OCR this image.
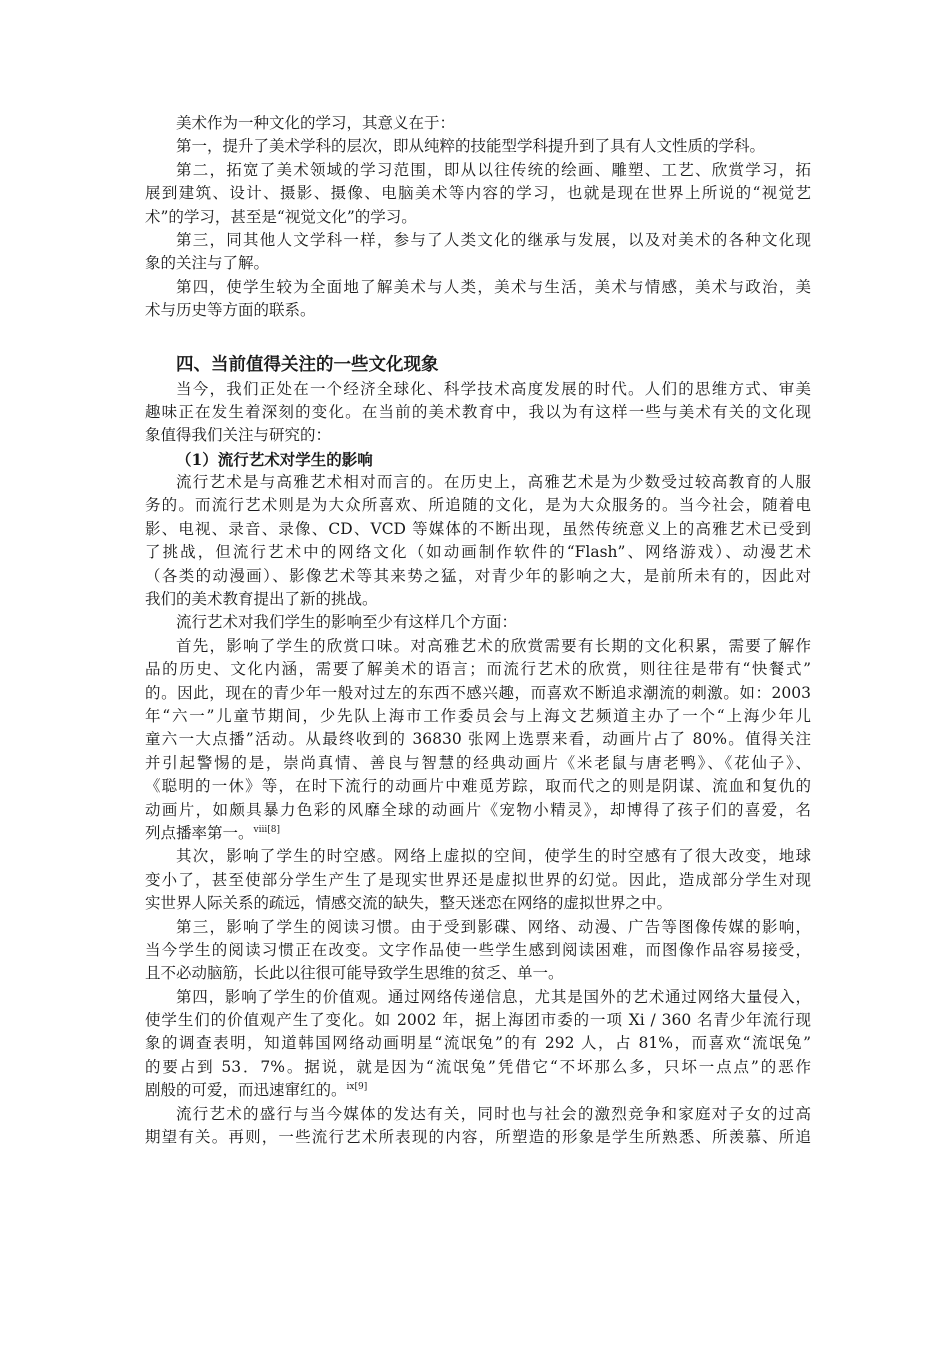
美术作为一种文化的学习，其意义在于：
第一，提升了美术学科的层次，即从纯粹的技能型学科提升到了具有人文性质的学科。
第二，拓宽了美术领域的学习范围，即从以往传统的绘画、雕塑、工艺、欣赏学习，拓
展到建筑、设计、摄影、摄像、电脑美术等内容的学习，也就是现在世界上所说的“视觉艺
术”的学习，甚至是“视觉文化”的学习。
第三，同其他人文学科一样，参与了人类文化的继承与发展，以及对美术的各种文化现
象的关注与了解。
第四，使学生较为全面地了解美术与人类，美术与生活，美术与情感，美术与政治，美
术与历史等方面的联系。
四、当前值得关注的一些文化现象
当今，我们正处在一个经济全球化、科学技术高度发展的时代。人们的思维方式、审美
趣味正在发生着深刻的变化。在当前的美术教育中，我以为有这样一些与美术有关的文化现
象值得我们关注与研究的：
（1）流行艺术对学生的影响
流行艺术是与高雅艺术相对而言的。在历史上，高雅艺术是为少数受过较高教育的人服
务的。而流行艺术则是为大众所喜欢、所追随的文化，是为大众服务的。当今社会，随着电
影、电视、录音、录像、CD、VCD 等媒体的不断出现，虽然传统意义上的高雅艺术已受到
了挑战，但流行艺术中的网络文化（如动画制作软件的“Flash”、网络游戏）、动漫艺术
（各类的动漫画）、影像艺术等其来势之猛，对青少年的影响之大，是前所未有的，因此对
我们的美术教育提出了新的挑战。
流行艺术对我们学生的影响至少有这样几个方面：
首先，影响了学生的欣赏口味。对高雅艺术的欣赏需要有长期的文化积累，需要了解作
品的历史、文化内涵，需要了解美术的语言；而流行艺术的欣赏，则往往是带有“快餐式”
的。因此，现在的青少年一般对过左的东西不感兴趣，而喜欢不断追求潮流的刺激。如：2003
年“六一”儿童节期间，少先队上海市工作委员会与上海文艺频道主办了一个“上海少年儿
童六一大点播”活动。从最终收到的 36830 张网上选票来看，动画片占了 80%。值得关注
并引起警惕的是，崇尚真情、善良与智慧的经典动画片《米老鼠与唐老鸭》、《花仙子》、
《聪明的一休》等，在时下流行的动画片中难觅芳踪，取而代之的则是阴谋、流血和复仇的
动画片，如颇具暴力色彩的风靡全球的动画片《宠物小精灵》，却博得了孩子们的喜爱，名
列点播率第一。$^{viii[8]}$
其次，影响了学生的时空感。网络上虚拟的空间，使学生的时空感有了很大改变，地球
变小了，甚至使部分学生产生了是现实世界还是虚拟世界的幻觉。因此，造成部分学生对现
实世界人际关系的疏远，情感交流的缺失，整天迷恋在网络的虚拟世界之中。
第三，影响了学生的阅读习惯。由于受到影碟、网络、动漫、广告等图像传媒的影响，
当今学生的阅读习惯正在改变。文字作品使一些学生感到阅读困难，而图像作品容易接受，
且不必动脑筋，长此以往很可能导致学生思维的贫乏、单一。
第四，影响了学生的价值观。通过网络传递信息，尤其是国外的艺术通过网络大量侵入，
使学生们的价值观产生了变化。如 2002 年，据上海团市委的一项 Xi / 360 名青少年流行现
象的调查表明，知道韩国网络动画明星“流氓兔”的有 292 人，占 81%，而喜欢“流氓兔”
的要占到 53．7%。据说，就是因为“流氓兔”凭借它“不坏那么多，只坏一点点”的恶作
剧般的可爱，而迅速窜红的。$^{ix[9]}$
流行艺术的盛行与当今媒体的发达有关，同时也与社会的激烈竞争和家庭对子女的过高
期望有关。再则，一些流行艺术所表现的内容，所塑造的形象是学生所熟悉、所羡慕、所追
